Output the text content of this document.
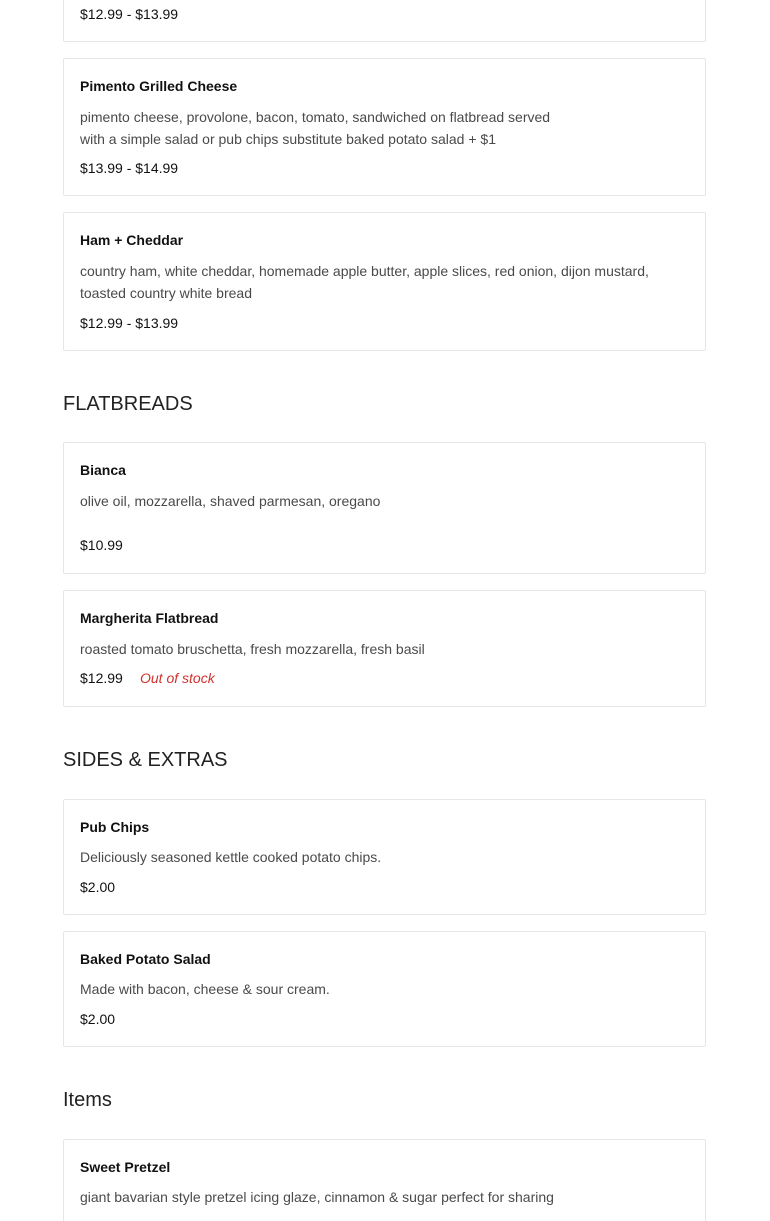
$12.99 - $13.99
Pimento Grilled Cheese
pimento cheese, provolone, bacon, tomato, sandwiched on flatbread served with a simple salad or pub chips substitute baked potato salad + $1
$13.99 - $14.99
Ham + Cheddar
country ham, white cheddar, homemade apple butter, apple slices, red onion, dijon mustard, toasted country white bread
$12.99 - $13.99
FLATBREADS
Bianca
olive oil, mozzarella, shaved parmesan, oregano
$10.99
Margherita Flatbread
roasted tomato bruschetta, fresh mozzarella, fresh basil
$12.99 Out of stock
SIDES & EXTRAS
Pub Chips
Deliciously seasoned kettle cooked potato chips.
$2.00
Baked Potato Salad
Made with bacon, cheese & sour cream.
$2.00
Items
Sweet Pretzel
giant bavarian style pretzel icing glaze, cinnamon & sugar perfect for sharing
